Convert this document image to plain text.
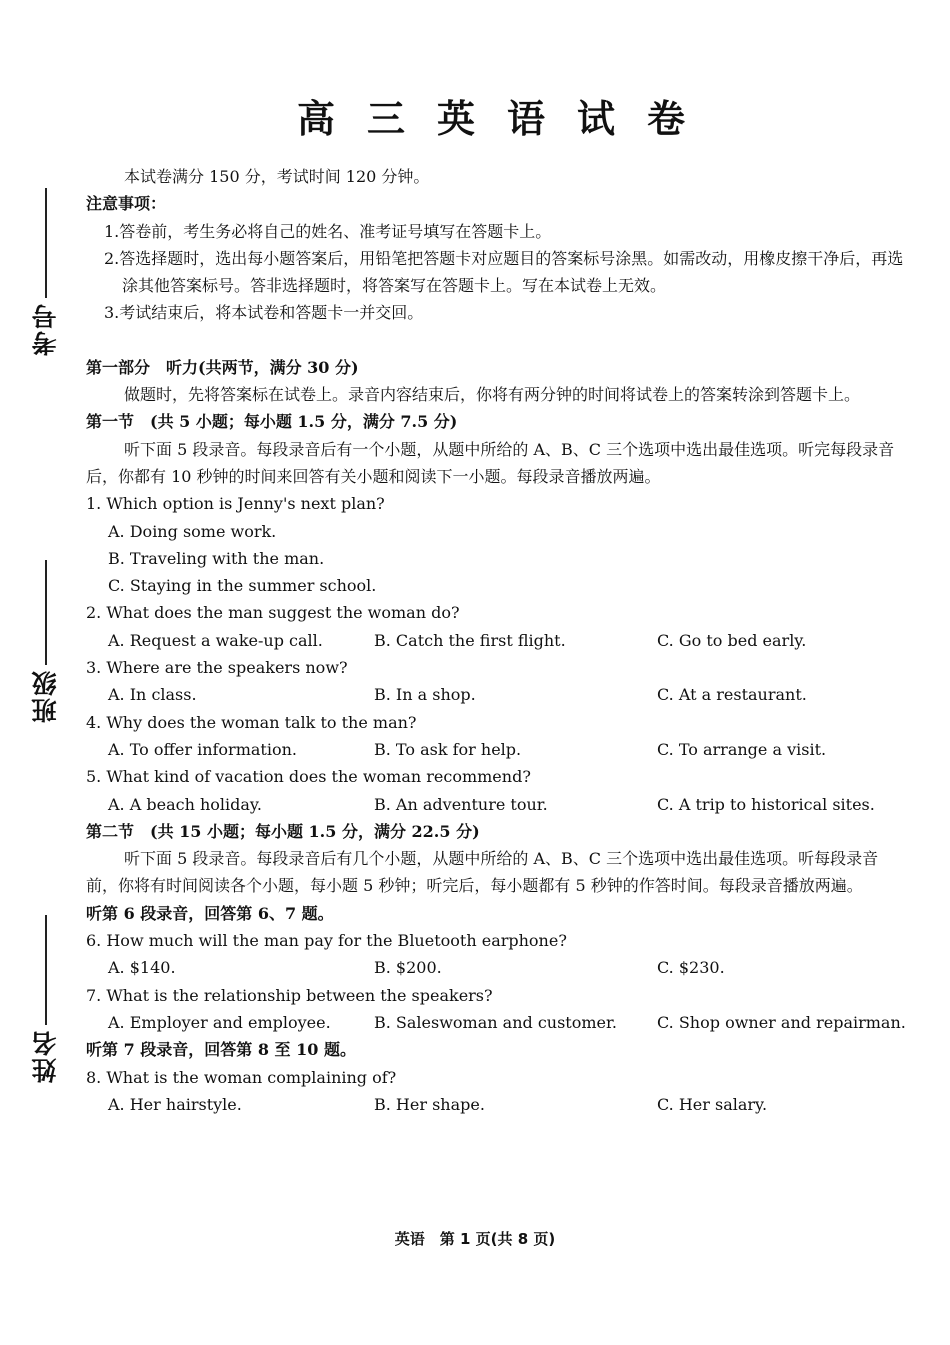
考号
班级
姓名
高三英语试卷

本试卷满分 150 分，考试时间 120 分钟。

注意事项：

1.答卷前，考生务必将自己的姓名、准考证号填写在答题卡上。

2.答选择题时，选出每小题答案后，用铅笔把答题卡对应题目的答案标号涂黑。如需改动，用橡皮擦干净后，再选涂其他答案标号。答非选择题时，将答案写在答题卡上。写在本试卷上无效。

3.考试结束后，将本试卷和答题卡一并交回。

第一部分　听力(共两节，满分 30 分)

做题时，先将答案标在试卷上。录音内容结束后，你将有两分钟的时间将试卷上的答案转涂到答题卡上。

第一节　(共 5 小题；每小题 1.5 分，满分 7.5 分)

听下面 5 段录音。每段录音后有一个小题，从题中所给的 A、B、C 三个选项中选出最佳选项。听完每段录音后，你都有 10 秒钟的时间来回答有关小题和阅读下一小题。每段录音播放两遍。

1. Which option is Jenny's next plan?

A. Doing some work.

B. Traveling with the man.

C. Staying in the summer school.

2. What does the man suggest the woman do?

A. Request a wake-up call.	B. Catch the first flight.	C. Go to bed early.

3. Where are the speakers now?

A. In class.	B. In a shop.	C. At a restaurant.

4. Why does the woman talk to the man?

A. To offer information.	B. To ask for help.	C. To arrange a visit.

5. What kind of vacation does the woman recommend?

A. A beach holiday.	B. An adventure tour.	C. A trip to historical sites.

第二节　(共 15 小题；每小题 1.5 分，满分 22.5 分)

听下面 5 段录音。每段录音后有几个小题，从题中所给的 A、B、C 三个选项中选出最佳选项。听每段录音前，你将有时间阅读各个小题，每小题 5 秒钟；听完后，每小题都有 5 秒钟的作答时间。每段录音播放两遍。

听第 6 段录音，回答第 6、7 题。

6. How much will the man pay for the Bluetooth earphone?

A. $140.	B. $200.	C. $230.

7. What is the relationship between the speakers?

A. Employer and employee.	B. Saleswoman and customer.	C. Shop owner and repairman.

听第 7 段录音，回答第 8 至 10 题。

8. What is the woman complaining of?

A. Her hairstyle.	B. Her shape.	C. Her salary.
英语　第 1 页(共 8 页)
